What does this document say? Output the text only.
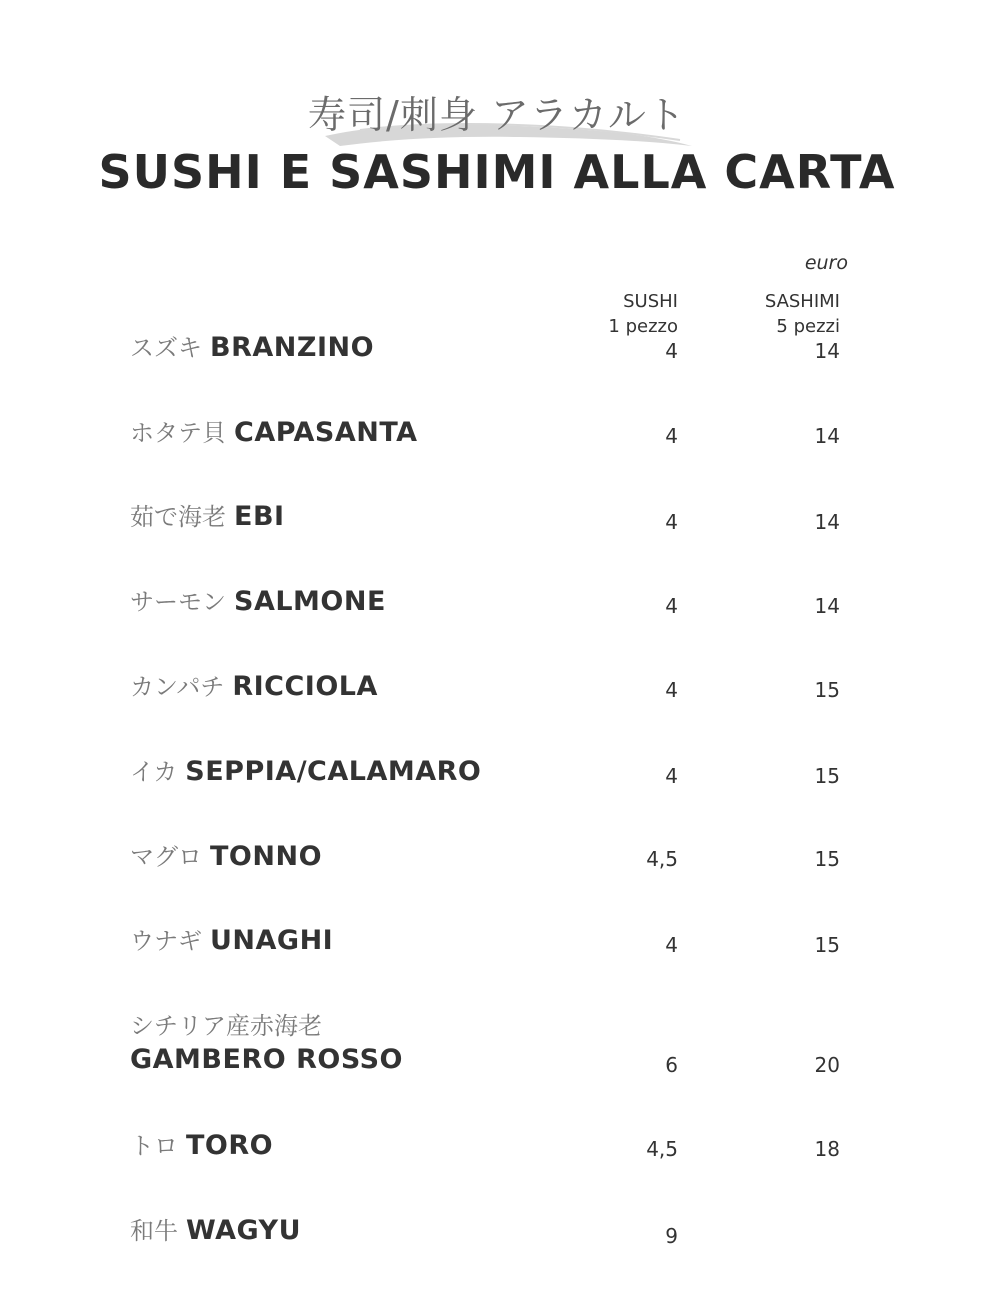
寿司/刺身 アラカルト
SUSHI E SASHIMI ALLA CARTA
euro
SUSHI
1 pezzo
SASHIMI
5 pezzi
スズキ BRANZINO	4	14
ホタテ貝 CAPASANTA	4	14
茹で海老 EBI	4	14
サーモン SALMONE	4	14
カンパチ RICCIOLA	4	15
イカ SEPPIA/CALAMARO	4	15
マグロ TONNO	4,5	15
ウナギ UNAGHI	4	15
シチリア産赤海老
GAMBERO ROSSO	6	20
トロ TORO	4,5	18
和牛 WAGYU	9
